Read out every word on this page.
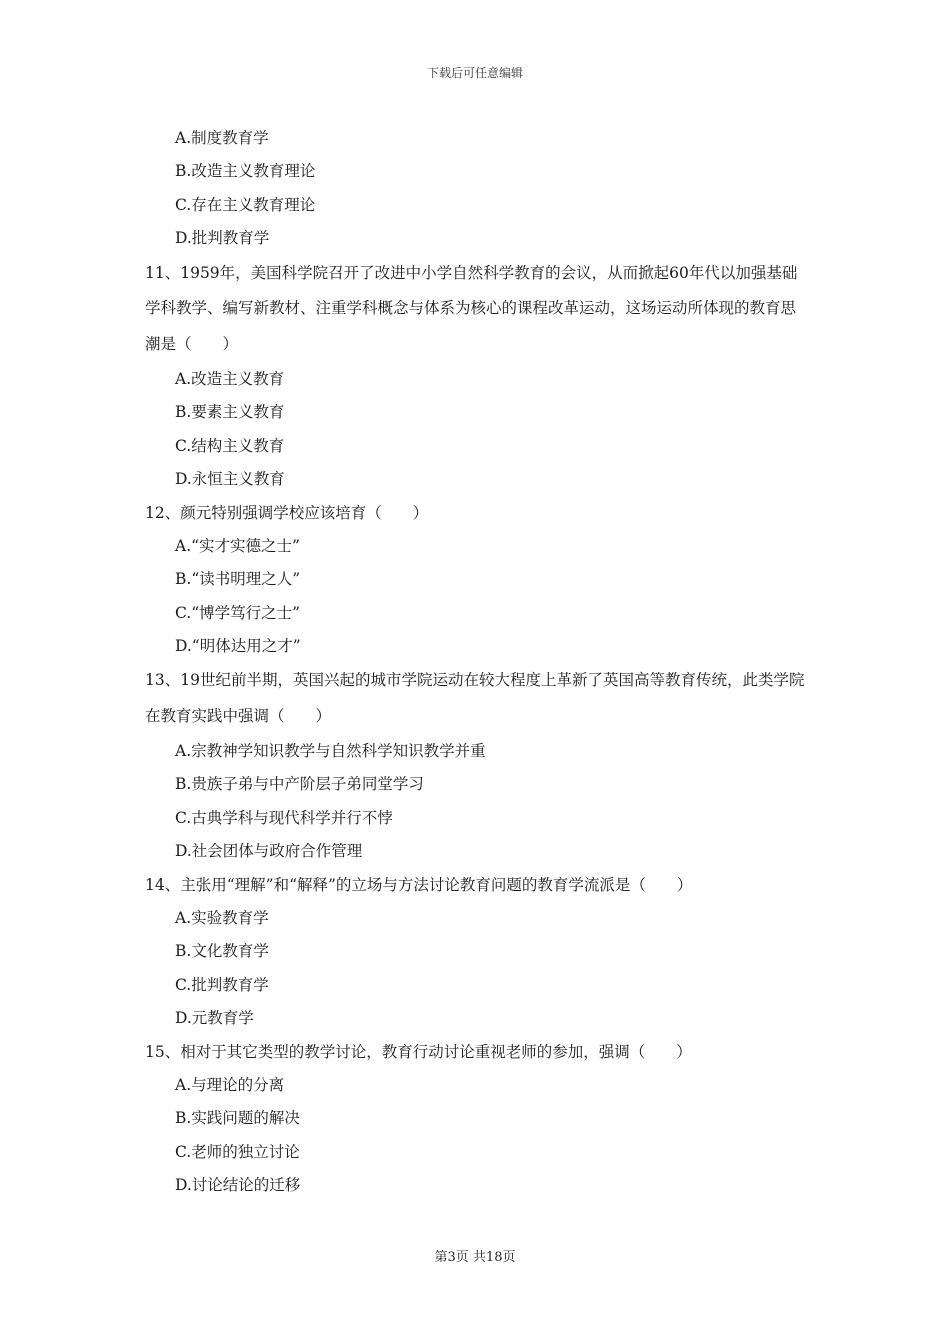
下载后可任意编辑
A.制度教育学
B.改造主义教育理论
C.存在主义教育理论
D.批判教育学
11、1959年，美国科学院召开了改进中小学自然科学教育的会议，从而掀起60年代以加强基础学科教学、编写新教材、注重学科概念与体系为核心的课程改革运动，这场运动所体现的教育思潮是（　　）
A.改造主义教育
B.要素主义教育
C.结构主义教育
D.永恒主义教育
12、颜元特别强调学校应该培育（　　）
A.“实才实德之士”
B.“读书明理之人”
C.“博学笃行之士”
D.“明体达用之才”
13、19世纪前半期，英国兴起的城市学院运动在较大程度上革新了英国高等教育传统，此类学院在教育实践中强调（　　）
A.宗教神学知识教学与自然科学知识教学并重
B.贵族子弟与中产阶层子弟同堂学习
C.古典学科与现代科学并行不悖
D.社会团体与政府合作管理
14、主张用“理解”和“解释”的立场与方法讨论教育问题的教育学流派是（　　）
A.实验教育学
B.文化教育学
C.批判教育学
D.元教育学
15、相对于其它类型的教学讨论，教育行动讨论重视老师的参加，强调（　　）
A.与理论的分离
B.实践问题的解决
C.老师的独立讨论
D.讨论结论的迁移
第3页 共18页
